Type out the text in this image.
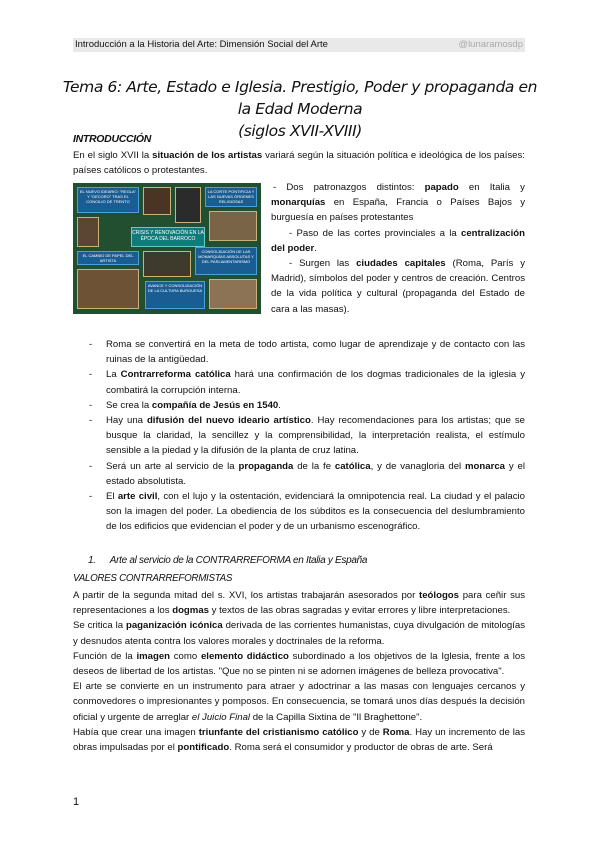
Introducción a la Historia del Arte: Dimensión Social del Arte	@lunaramosdp
Tema 6: Arte, Estado e Iglesia. Prestigio, Poder y propaganda en la Edad Moderna
(siglos XVII-XVIII)
INTRODUCCIÓN

En el siglo XVII la situación de los artistas variará según la situación política e ideológica de los países: países católicos o protestantes.

EL NUEVO IDEARIO: "REGLA" Y "DECORO" TRAS EL CONCILIO DE TRENTO
LA CORTE PONTIFICIA Y LAS NUEVAS ÓRDENES RELIGIOSAS
CRISIS Y RENOVACIÓN EN LA ÉPOCA DEL BARROCO
EL CAMBIO DE PAPEL DEL ARTISTA
CONSOLIDACIÓN DE LAS MONARQUÍAS ABSOLUTAS Y DEL PARLAMENTARISMO
AVANCE Y CONSOLIDACIÓN DE LA CULTURA BURGUESA

- Dos patronazgos distintos: papado en Italia y monarquías en España, Francia o Países Bajos y burguesía en países protestantes

- Paso de las cortes provinciales a la centralización del poder.

- Surgen las ciudades capitales (Roma, París y Madrid), símbolos del poder y centros de creación. Centros de la vida política y cultural (propaganda del Estado de cara a las masas).

- Roma se convertirá en la meta de todo artista, como lugar de aprendizaje y de contacto con las ruinas de la antigüedad.
- La Contrarreforma católica hará una confirmación de los dogmas tradicionales de la iglesia y combatirá la corrupción interna.
- Se crea la compañía de Jesús en 1540.
- Hay una difusión del nuevo ideario artístico. Hay recomendaciones para los artistas; que se busque la claridad, la sencillez y la comprensibilidad, la interpretación realista, el estímulo sensible a la piedad y la difusión de la planta de cruz latina.
- Será un arte al servicio de la propaganda de la fe católica, y de vanagloria del monarca y el estado absolutista.
- El arte civil, con el lujo y la ostentación, evidenciará la omnipotencia real. La ciudad y el palacio son la imagen del poder. La obediencia de los súbditos es la consecuencia del deslumbramiento de los edificios que evidencian el poder y de un urbanismo escenográfico.
1. Arte al servicio de la CONTRARREFORMA en Italia y España
VALORES CONTRARREFORMISTAS

A partir de la segunda mitad del s. XVI, los artistas trabajarán asesorados por teólogos para ceñir sus representaciones a los dogmas y textos de las obras sagradas y evitar errores y libre interpretaciones.

Se critica la paganización icónica derivada de las corrientes humanistas, cuya divulgación de mitologías y desnudos atenta contra los valores morales y doctrinales de la reforma.

Función de la imagen como elemento didáctico subordinado a los objetivos de la Iglesia, frente a los deseos de libertad de los artistas. "Que no se pinten ni se adornen imágenes de belleza provocativa".

El arte se convierte en un instrumento para atraer y adoctrinar a las masas con lenguajes cercanos y conmovedores o impresionantes y pomposos. En consecuencia, se tomará unos días después la decisión oficial y urgente de arreglar el Juicio Final de la Capilla Sixtina de "Il Braghettone".

Había que crear una imagen triunfante del cristianismo católico y de Roma. Hay un incremento de las obras impulsadas por el pontificado. Roma será el consumidor y productor de obras de arte. Será

1
